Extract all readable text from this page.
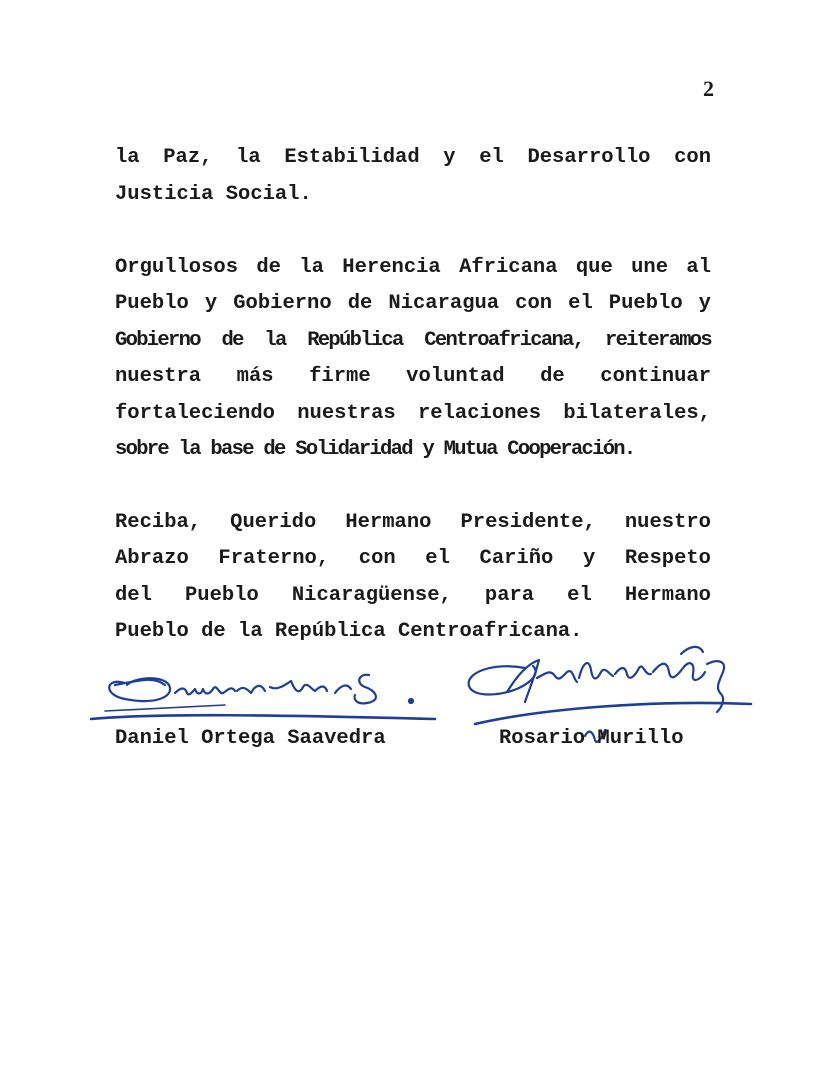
2
la Paz, la Estabilidad y el Desarrollo con
Justicia Social.
Orgullosos de la Herencia Africana que une al
Pueblo y Gobierno de Nicaragua con el Pueblo y
Gobierno de la República Centroafricana, reiteramos
nuestra más firme voluntad de continuar
fortaleciendo nuestras relaciones bilaterales,
sobre la base de Solidaridad y Mutua Cooperación.
Reciba, Querido Hermano Presidente, nuestro
Abrazo Fraterno, con el Cariño y Respeto
del Pueblo Nicaragüense, para el Hermano
Pueblo de la República Centroafricana.
Daniel Ortega Saavedra	Rosario Murillo
